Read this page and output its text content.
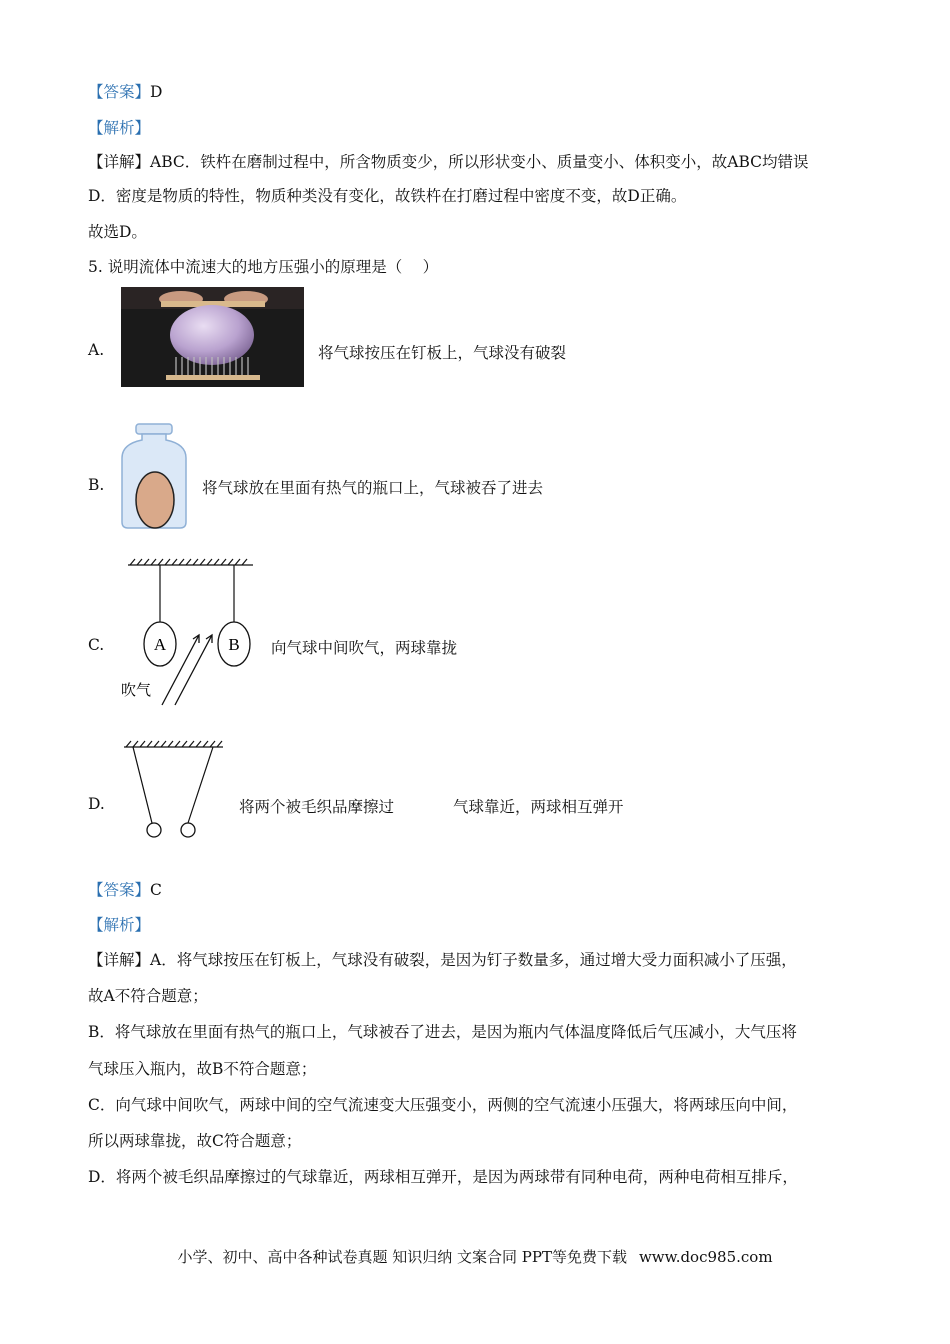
【答案】D
【解析】
【详解】ABC．铁杵在磨制过程中，所含物质变少，所以形状变小、质量变小、体积变小，故ABC均错误
D．密度是物质的特性，物质种类没有变化，故铁杵在打磨过程中密度不变，故D正确。
故选D。
5. 说明流体中流速大的地方压强小的原理是（　 ）
A.	将气球按压在钉板上，气球没有破裂
B.	将气球放在里面有热气的瓶口上，气球被吞了进去
C.	A	B
吹气
向气球中间吹气，两球靠拢
D.	将两个被毛织品摩擦过	气球靠近，两球相互弹开
【答案】C
【解析】
【详解】A．将气球按压在钉板上，气球没有破裂，是因为钉子数量多，通过增大受力面积减小了压强，
故A不符合题意；
B．将气球放在里面有热气的瓶口上，气球被吞了进去，是因为瓶内气体温度降低后气压减小，大气压将
气球压入瓶内，故B不符合题意；
C．向气球中间吹气，两球中间的空气流速变大压强变小，两侧的空气流速小压强大，将两球压向中间，
所以两球靠拢，故C符合题意；
D．将两个被毛织品摩擦过的气球靠近，两球相互弹开，是因为两球带有同种电荷，两种电荷相互排斥，
小学、初中、高中各种试卷真题 知识归纳 文案合同 PPT等免费下载 www.doc985.com
